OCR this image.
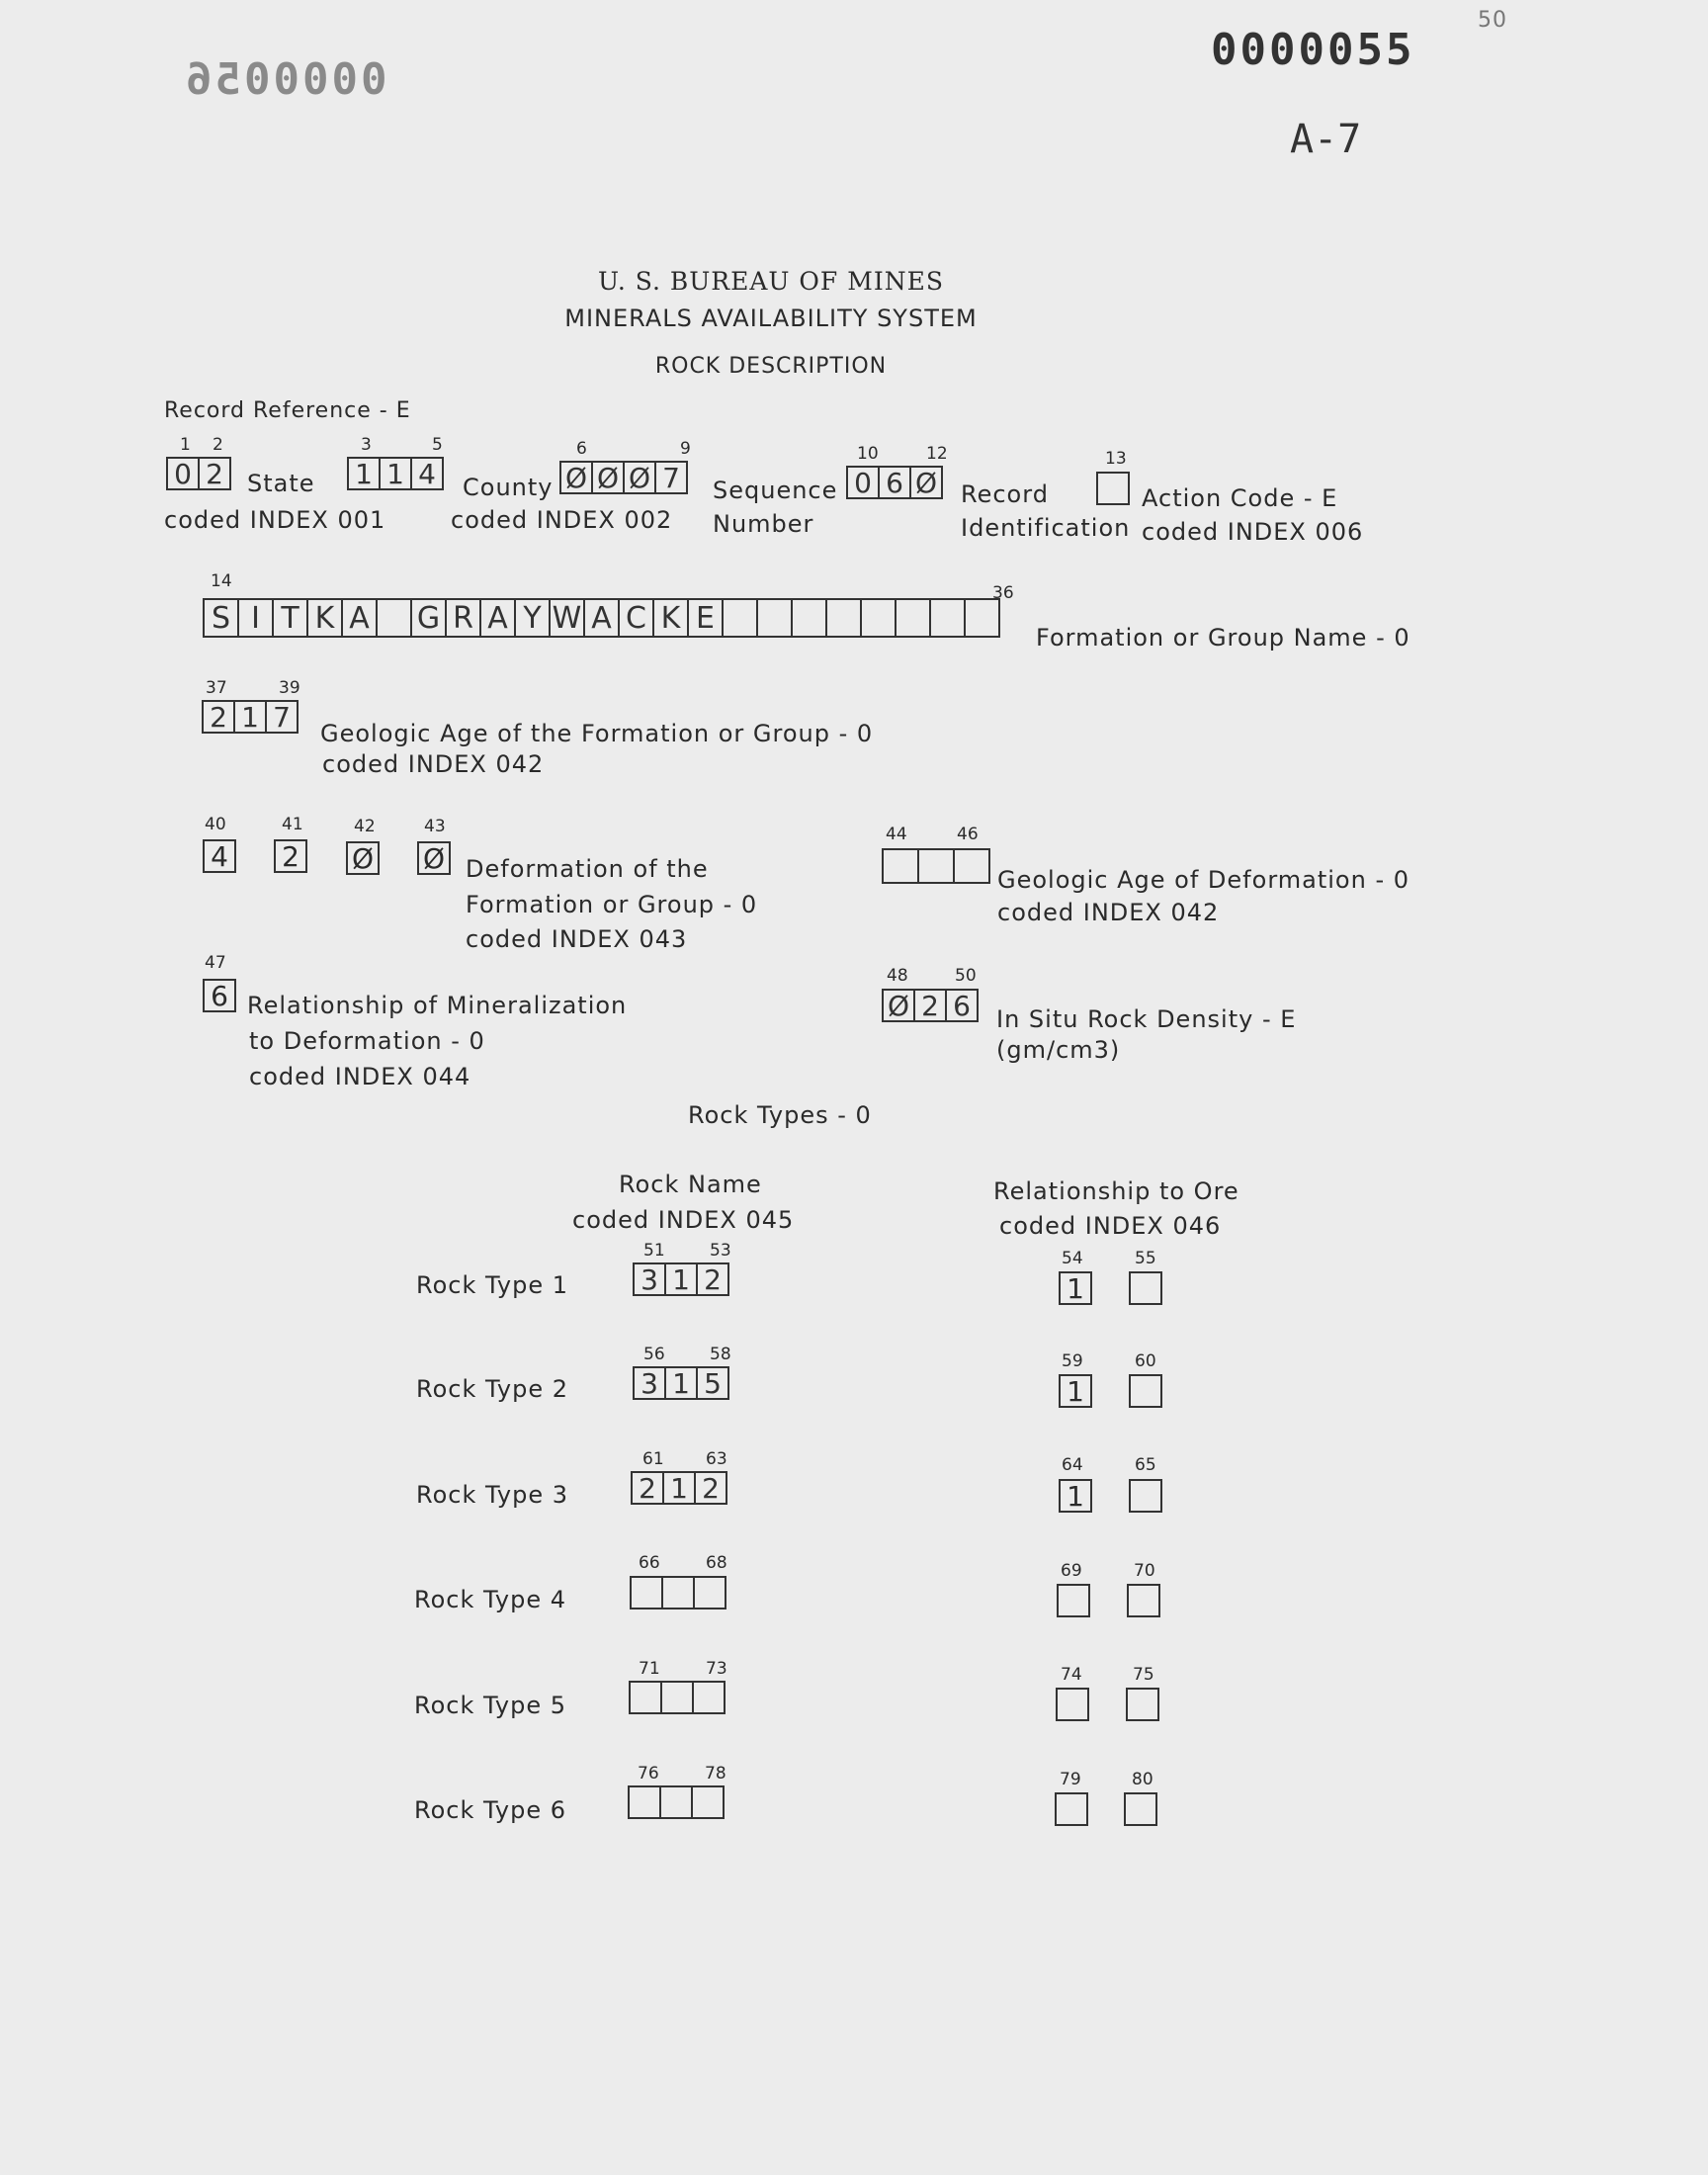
0000056
0000055
50
A-7
U. S. BUREAU OF MINES
MINERALS AVAILABILITY SYSTEM
ROCK DESCRIPTION
Record Reference - E
1 2
0 2	State
coded INDEX 001
3	5
1 1 4	County
coded INDEX 002
6	9
Ø Ø Ø 7	Sequence
Number
10	12
0 6 Ø Record
Identification
13
Action Code - E
coded INDEX 006
14
36
S I T K A G R A Y W A C K E
Formation or Group Name - 0
37	39
2 1 7
Geologic Age of the Formation or Group - 0
coded INDEX 042
40	41	42	43
4 2 Ø Ø Deformation of the
Formation or Group - 0
coded INDEX 043
44	46
Geologic Age of Deformation - 0
coded INDEX 042
47
6 Relationship of Mineralization
to Deformation - 0
coded INDEX 044
48	50
Ø 2 6	In Situ Rock Density - E
(gm/cm3)
Rock Types - 0
Rock Name
coded INDEX 045
Relationship to Ore
coded INDEX 046
Rock Type 1
51	53
3 1 2
54	55
1
Rock Type 2
56	58
3 1 5
59	60
1
Rock Type 3
61 63
2 1 2
64	65
1
Rock Type 4
66	68	69	70
Rock Type 5
71	73	74	75
Rock Type 6
76	78	79	80
